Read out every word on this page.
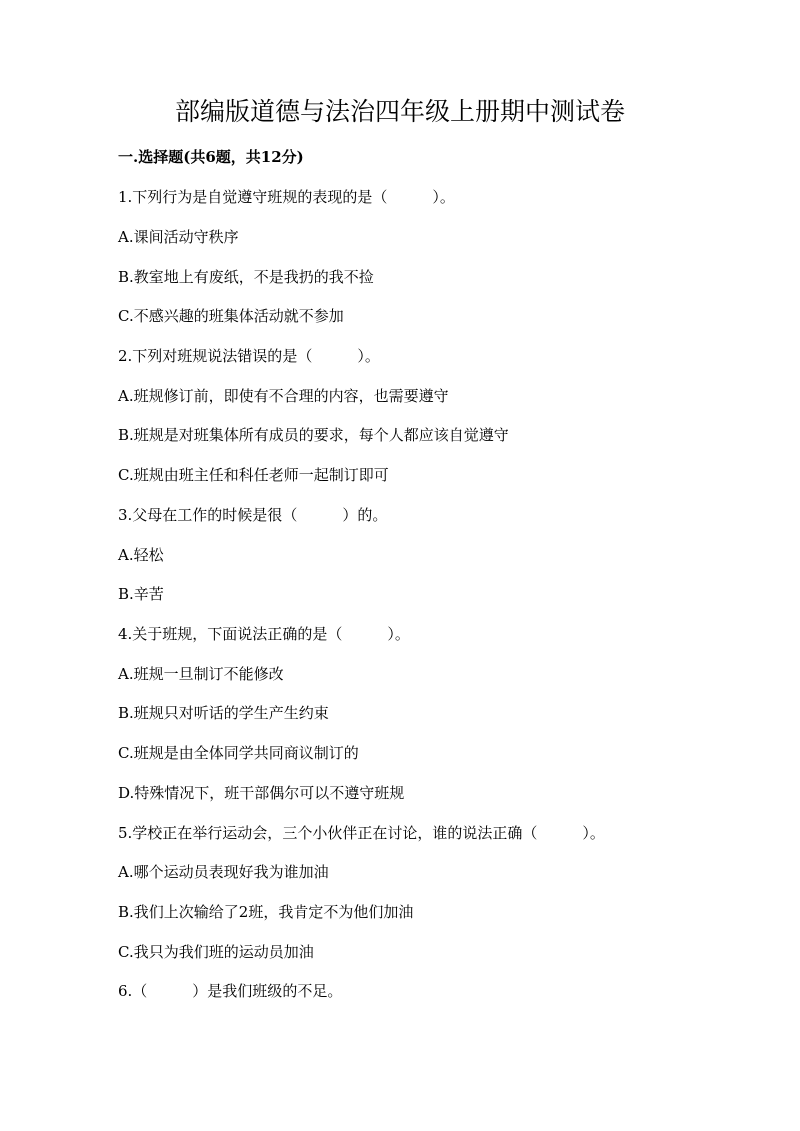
部编版道德与法治四年级上册期中测试卷
一.选择题(共6题，共12分)
1.下列行为是自觉遵守班规的表现的是（　　　）。
A.课间活动守秩序
B.教室地上有废纸，不是我扔的我不捡
C.不感兴趣的班集体活动就不参加
2.下列对班规说法错误的是（　　　）。
A.班规修订前，即使有不合理的内容，也需要遵守
B.班规是对班集体所有成员的要求，每个人都应该自觉遵守
C.班规由班主任和科任老师一起制订即可
3.父母在工作的时候是很（　　　）的。
A.轻松
B.辛苦
4.关于班规，下面说法正确的是（　　　）。
A.班规一旦制订不能修改
B.班规只对听话的学生产生约束
C.班规是由全体同学共同商议制订的
D.特殊情况下，班干部偶尔可以不遵守班规
5.学校正在举行运动会，三个小伙伴正在讨论，谁的说法正确（　　　）。
A.哪个运动员表现好我为谁加油
B.我们上次输给了2班，我肯定不为他们加油
C.我只为我们班的运动员加油
6.（　　　）是我们班级的不足。
